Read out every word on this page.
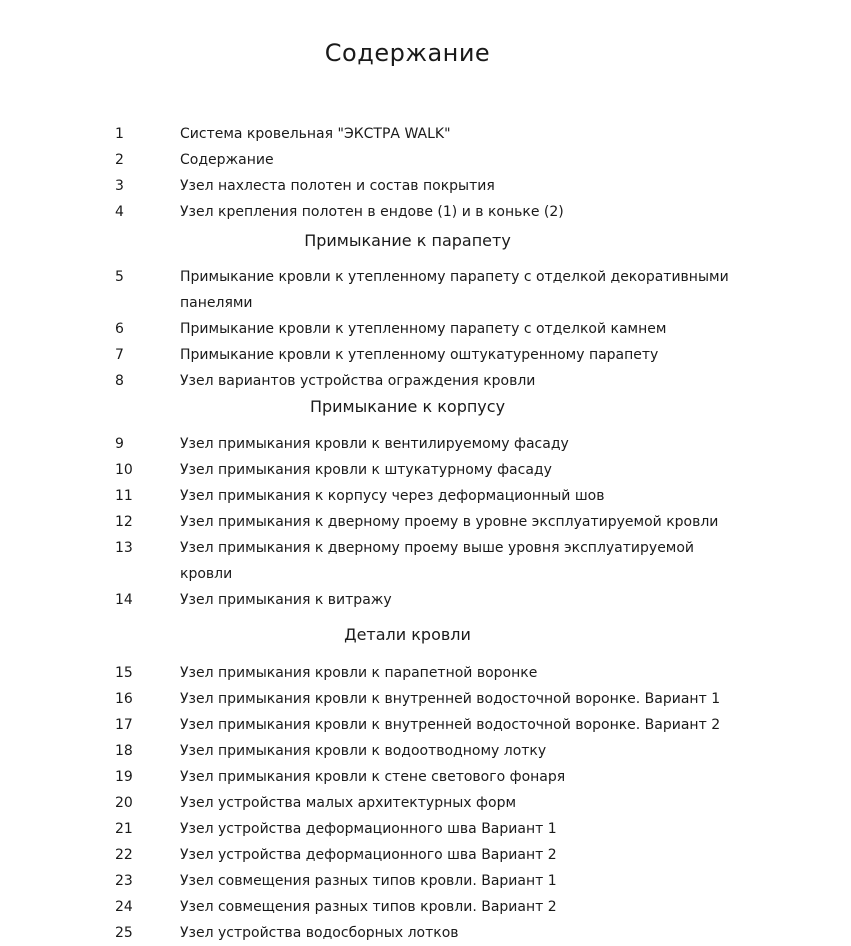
Содержание
1	Система кровельная "ЭКСТРА WALK"
2	Содержание
3	Узел нахлеста полотен и состав покрытия
4	Узел крепления полотен в ендове (1) и в коньке (2)
Примыкание к парапету
5	Примыкание кровли к утепленному парапету с отделкой декоративными панелями
6	Примыкание кровли к утепленному парапету с отделкой камнем
7	Примыкание кровли к утепленному оштукатуренному парапету
8	Узел вариантов устройства ограждения кровли
Примыкание к корпусу
9	Узел примыкания кровли к вентилируемому фасаду
10	Узел примыкания кровли к штукатурному фасаду
11	Узел примыкания к корпусу через деформационный шов
12	Узел примыкания к дверному проему в уровне эксплуатируемой кровли
13	Узел примыкания к дверному проему выше уровня эксплуатируемой кровли
14	Узел примыкания к витражу
Детали кровли
15	Узел примыкания кровли к парапетной воронке
16	Узел примыкания кровли к внутренней водосточной воронке. Вариант 1
17	Узел примыкания кровли к внутренней водосточной воронке. Вариант 2
18	Узел примыкания кровли к водоотводному лотку
19	Узел примыкания кровли к стене светового фонаря
20	Узел устройства малых архитектурных форм
21	Узел устройства деформационного шва Вариант 1
22	Узел устройства деформационного шва Вариант 2
23	Узел совмещения разных типов кровли. Вариант 1
24	Узел совмещения разных типов кровли. Вариант 2
25	Узел устройства водосборных лотков
